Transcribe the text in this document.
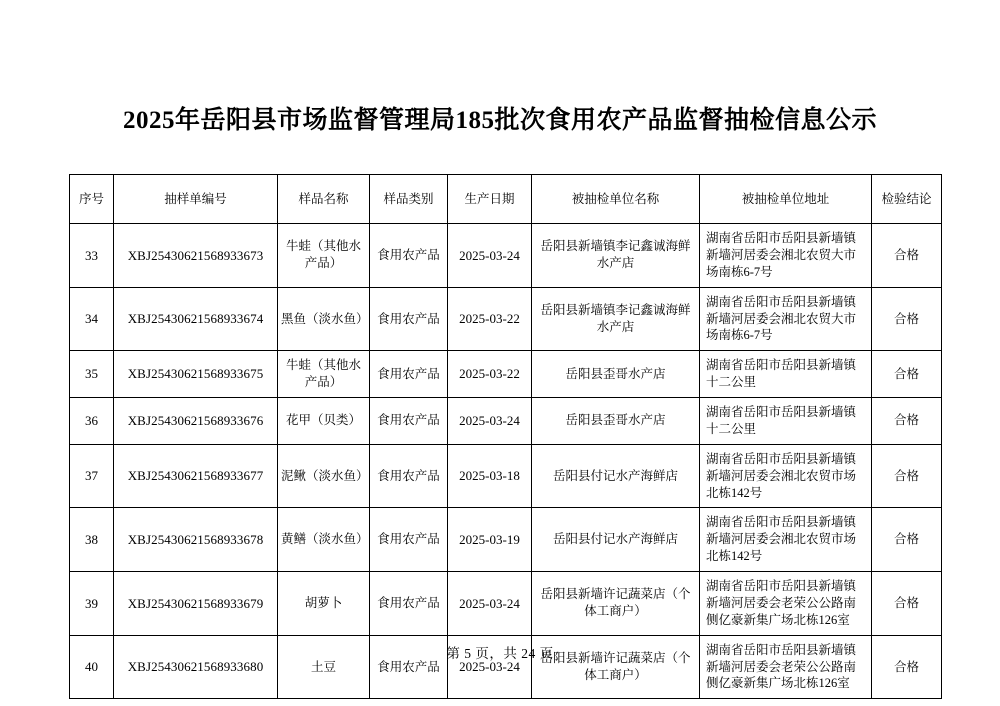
2025年岳阳县市场监督管理局185批次食用农产品监督抽检信息公示
序号	抽样单编号	样品名称	样品类别	生产日期	被抽检单位名称	被抽检单位地址	检验结论
33	XBJ25430621568933673	牛蛙（其他水产品）	食用农产品	2025-03-24	岳阳县新墙镇李记鑫诚海鲜水产店	湖南省岳阳市岳阳县新墙镇新墙河居委会湘北农贸大市场南栋6-7号	合格
34	XBJ25430621568933674	黑鱼（淡水鱼）	食用农产品	2025-03-22	岳阳县新墙镇李记鑫诚海鲜水产店	湖南省岳阳市岳阳县新墙镇新墙河居委会湘北农贸大市场南栋6-7号	合格
35	XBJ25430621568933675	牛蛙（其他水产品）	食用农产品	2025-03-22	岳阳县歪哥水产店	湖南省岳阳市岳阳县新墙镇十二公里	合格
36	XBJ25430621568933676	花甲（贝类）	食用农产品	2025-03-24	岳阳县歪哥水产店	湖南省岳阳市岳阳县新墙镇十二公里	合格
37	XBJ25430621568933677	泥鳅（淡水鱼）	食用农产品	2025-03-18	岳阳县付记水产海鲜店	湖南省岳阳市岳阳县新墙镇新墙河居委会湘北农贸市场北栋142号	合格
38	XBJ25430621568933678	黄鳝（淡水鱼）	食用农产品	2025-03-19	岳阳县付记水产海鲜店	湖南省岳阳市岳阳县新墙镇新墙河居委会湘北农贸市场北栋142号	合格
39	XBJ25430621568933679	胡萝卜	食用农产品	2025-03-24	岳阳县新墙许记蔬菜店（个体工商户）	湖南省岳阳市岳阳县新墙镇新墙河居委会老荣公公路南侧亿豪新集广场北栋126室	合格
40	XBJ25430621568933680	土豆	食用农产品	2025-03-24	岳阳县新墙许记蔬菜店（个体工商户）	湖南省岳阳市岳阳县新墙镇新墙河居委会老荣公公路南侧亿豪新集广场北栋126室	合格
第 5 页，共 24 页
